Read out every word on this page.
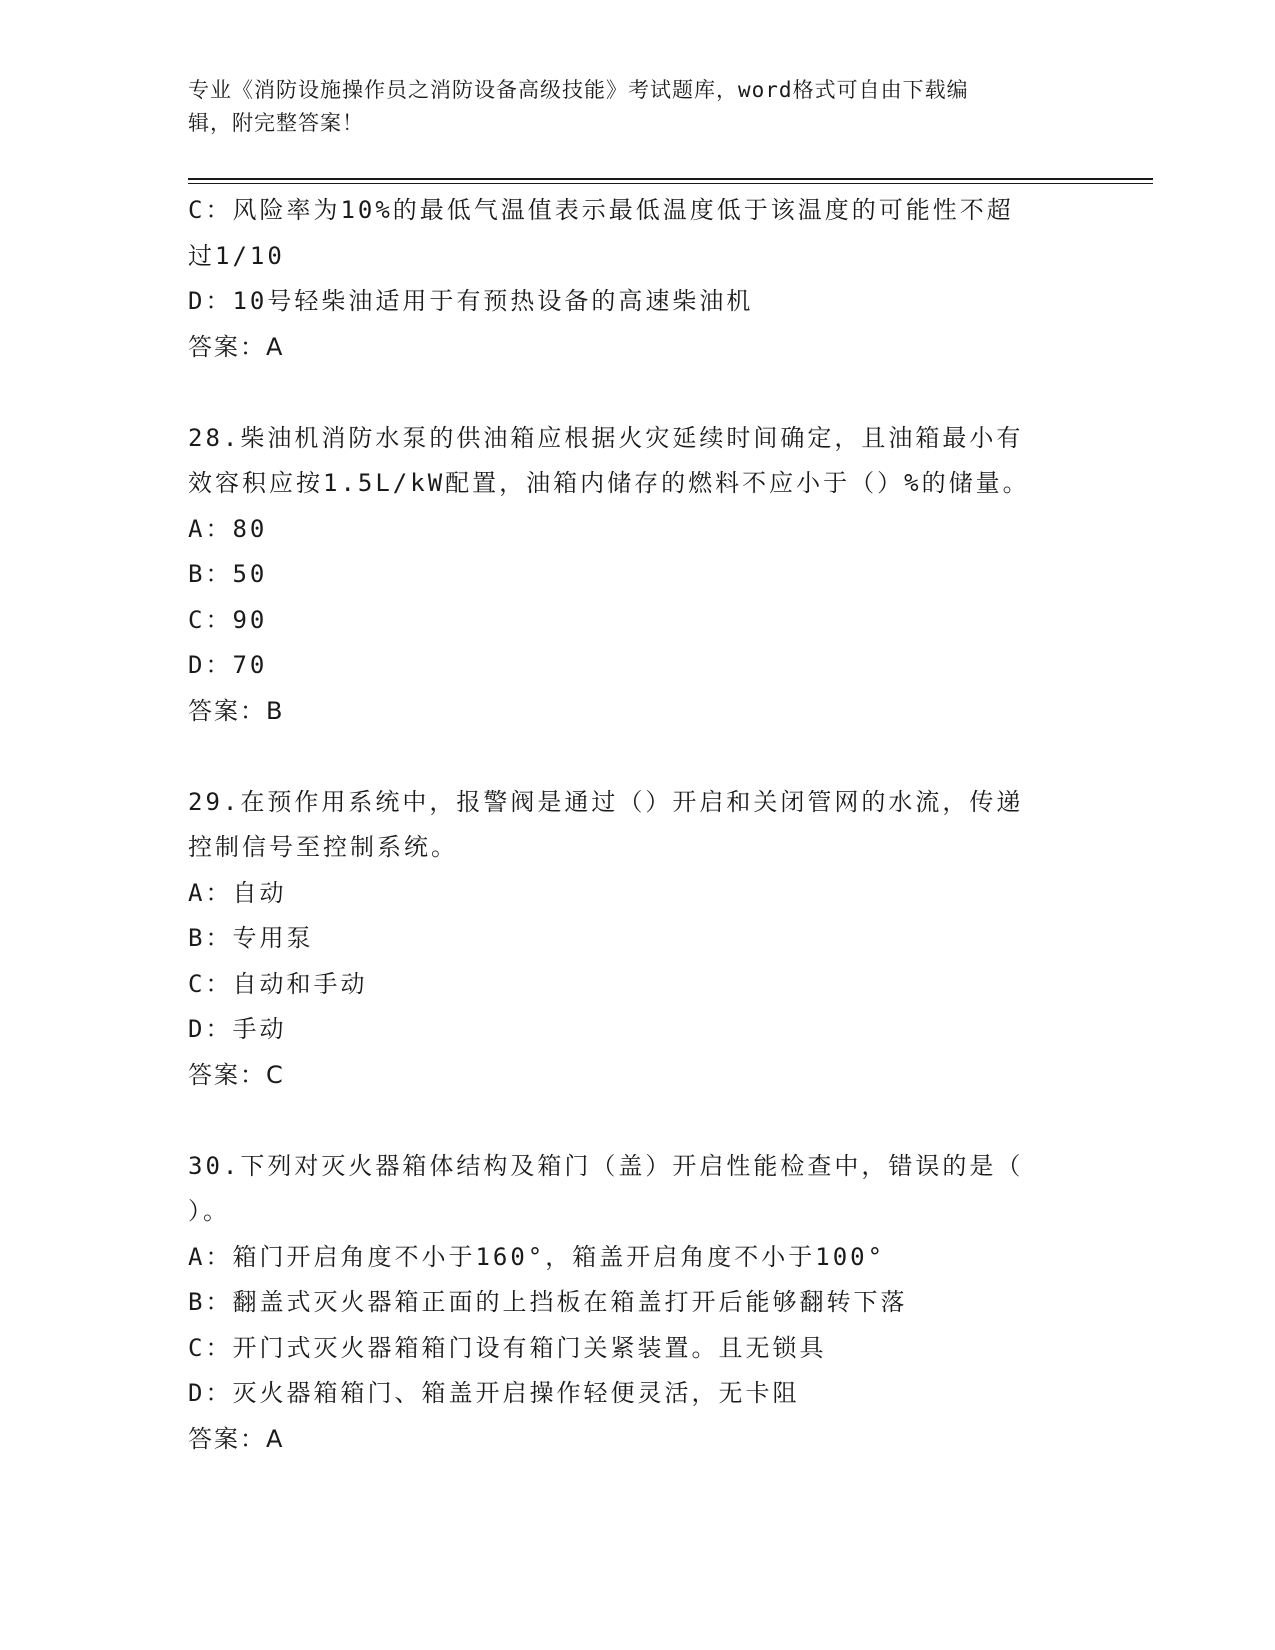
专业《消防设施操作员之消防设备高级技能》考试题库，word格式可自由下载编
辑，附完整答案！
C：风险率为10%的最低气温值表示最低温度低于该温度的可能性不超
过1/10
D：10号轻柴油适用于有预热设备的高速柴油机
答案：A
28.柴油机消防水泵的供油箱应根据火灾延续时间确定，且油箱最小有
效容积应按1.5L/kW配置，油箱内储存的燃料不应小于（）%的储量。
A：80
B：50
C：90
D：70
答案：B
29.在预作用系统中，报警阀是通过（）开启和关闭管网的水流，传递
控制信号至控制系统。
A：自动
B：专用泵
C：自动和手动
D：手动
答案：C
30.下列对灭火器箱体结构及箱门（盖）开启性能检查中，错误的是（
）。
A：箱门开启角度不小于160°，箱盖开启角度不小于100°
B：翻盖式灭火器箱正面的上挡板在箱盖打开后能够翻转下落
C：开门式灭火器箱箱门设有箱门关紧装置。且无锁具
D：灭火器箱箱门、箱盖开启操作轻便灵活，无卡阻
答案：A
